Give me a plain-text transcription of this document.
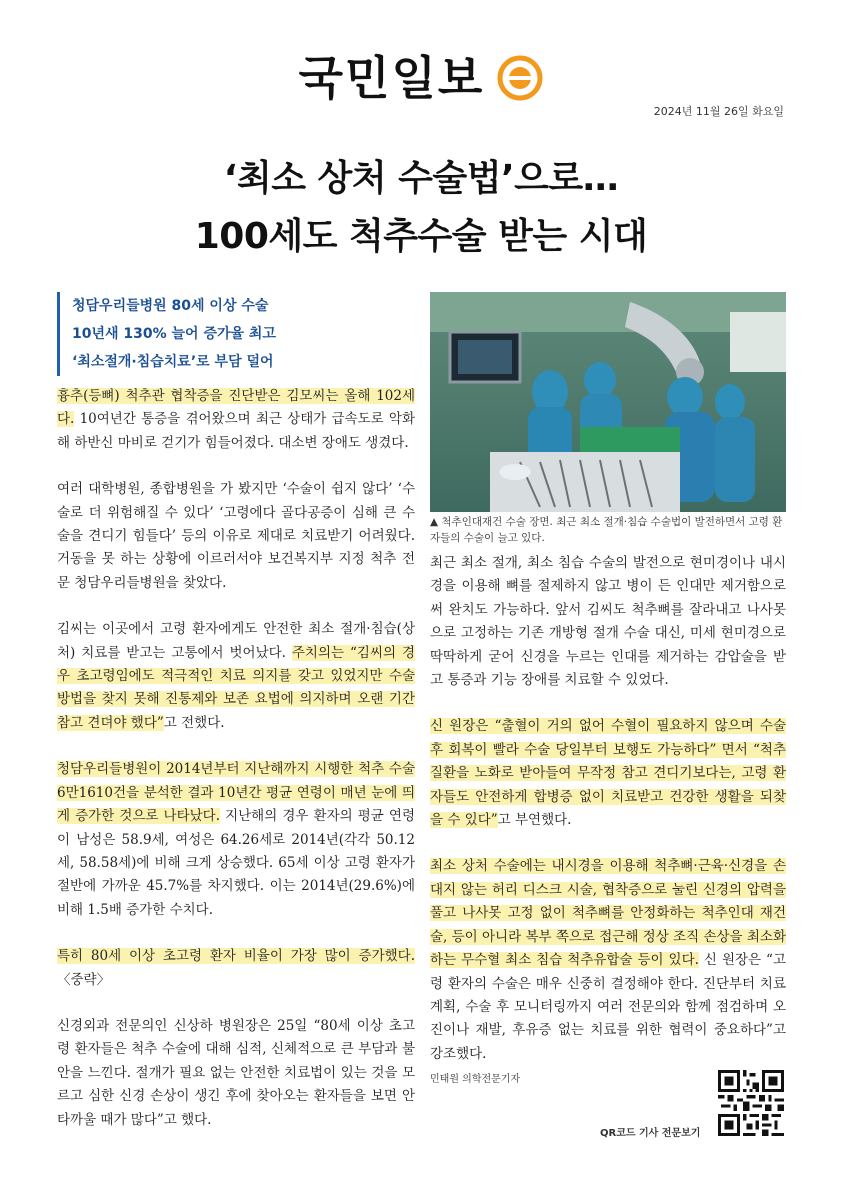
국민일보
2024년 11월 26일 화요일
‘최소 상처 수술법’으로…
100세도 척추수술 받는 시대
청담우리들병원 80세 이상 수술
10년새 130% 늘어 증가율 최고
‘최소절개·침습치료’로 부담 덜어

흉추(등뼈) 척추관 협착증을 진단받은 김모씨는 올해 102세다. 10여년간 통증을 겪어왔으며 최근 상태가 급속도로 악화해 하반신 마비로 걷기가 힘들어졌다. 대소변 장애도 생겼다.

여러 대학병원, 종합병원을 가 봤지만 ‘수술이 쉽지 않다’ ‘수술로 더 위험해질 수 있다’ ‘고령에다 골다공증이 심해 큰 수술을 견디기 힘들다’ 등의 이유로 제대로 치료받기 어려웠다. 거동을 못 하는 상황에 이르러서야 보건복지부 지정 척추 전문 청담우리들병원을 찾았다.

김씨는 이곳에서 고령 환자에게도 안전한 최소 절개·침습(상처) 치료를 받고는 고통에서 벗어났다. 주치의는 “김씨의 경우 초고령임에도 적극적인 치료 의지를 갖고 있었지만 수술 방법을 찾지 못해 진통제와 보존 요법에 의지하며 오랜 기간 참고 견뎌야 했다”고 전했다.

청담우리들병원이 2014년부터 지난해까지 시행한 척추 수술 6만1610건을 분석한 결과 10년간 평균 연령이 매년 눈에 띄게 증가한 것으로 나타났다. 지난해의 경우 환자의 평균 연령이 남성은 58.9세, 여성은 64.26세로 2014년(각각 50.12세, 58.58세)에 비해 크게 상승했다. 65세 이상 고령 환자가 절반에 가까운 45.7%를 차지했다. 이는 2014년(29.6%)에 비해 1.5배 증가한 수치다.

특히 80세 이상 초고령 환자 비율이 가장 많이 증가했다. 〈중략〉

신경외과 전문의인 신상하 병원장은 25일 “80세 이상 초고령 환자들은 척추 수술에 대해 심적, 신체적으로 큰 부담과 불안을 느낀다. 절개가 필요 없는 안전한 치료법이 있는 것을 모르고 심한 신경 손상이 생긴 후에 찾아오는 환자들을 보면 안타까울 때가 많다”고 했다.

▲ 척추인대재건 수술 장면. 최근 최소 절개·침습 수술법이 발전하면서 고령 환자들의 수술이 늘고 있다.

최근 최소 절개, 최소 침습 수술의 발전으로 현미경이나 내시경을 이용해 뼈를 절제하지 않고 병이 든 인대만 제거함으로써 완치도 가능하다. 앞서 김씨도 척추뼈를 잘라내고 나사못으로 고정하는 기존 개방형 절개 수술 대신, 미세 현미경으로 딱딱하게 굳어 신경을 누르는 인대를 제거하는 감압술을 받고 통증과 기능 장애를 치료할 수 있었다.

신 원장은 “출혈이 거의 없어 수혈이 필요하지 않으며 수술 후 회복이 빨라 수술 당일부터 보행도 가능하다” 면서 “척추 질환을 노화로 받아들여 무작정 참고 견디기보다는, 고령 환자들도 안전하게 합병증 없이 치료받고 건강한 생활을 되찾을 수 있다”고 부연했다.

최소 상처 수술에는 내시경을 이용해 척추뼈·근육·신경을 손대지 않는 허리 디스크 시술, 협착증으로 눌린 신경의 압력을 풀고 나사못 고정 없이 척추뼈를 안정화하는 척추인대 재건술, 등이 아니라 복부 쪽으로 접근해 정상 조직 손상을 최소화하는 무수혈 최소 침습 척추유합술 등이 있다. 신 원장은 “고령 환자의 수술은 매우 신중히 결정해야 한다. 진단부터 치료 계획, 수술 후 모니터링까지 여러 전문의와 함께 점검하며 오진이나 재발, 후유증 없는 치료를 위한 협력이 중요하다”고 강조했다.

민태원 의학전문기자
QR코드 기사 전문보기
